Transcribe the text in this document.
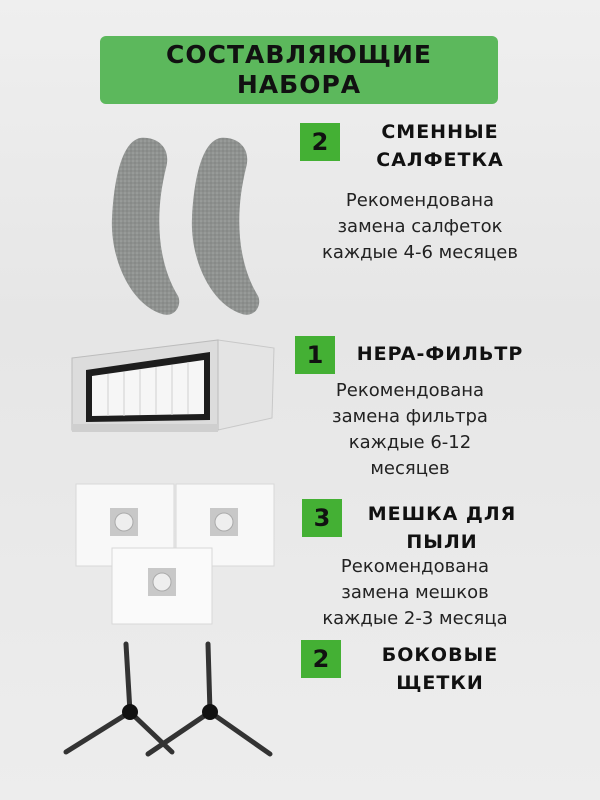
СОСТАВЛЯЮЩИЕ
НАБОРА
2	СМЕННЫЕ
САЛФЕТКА
Рекомендована
замена салфеток
каждые 4-6 месяцев
1	HEPA-ФИЛЬТР
Рекомендована
замена фильтра
каждые 6-12
месяцев
3	МЕШКА ДЛЯ
ПЫЛИ
Рекомендована
замена мешков
каждые 2-3 месяца
2	БОКОВЫЕ
ЩЕТКИ
